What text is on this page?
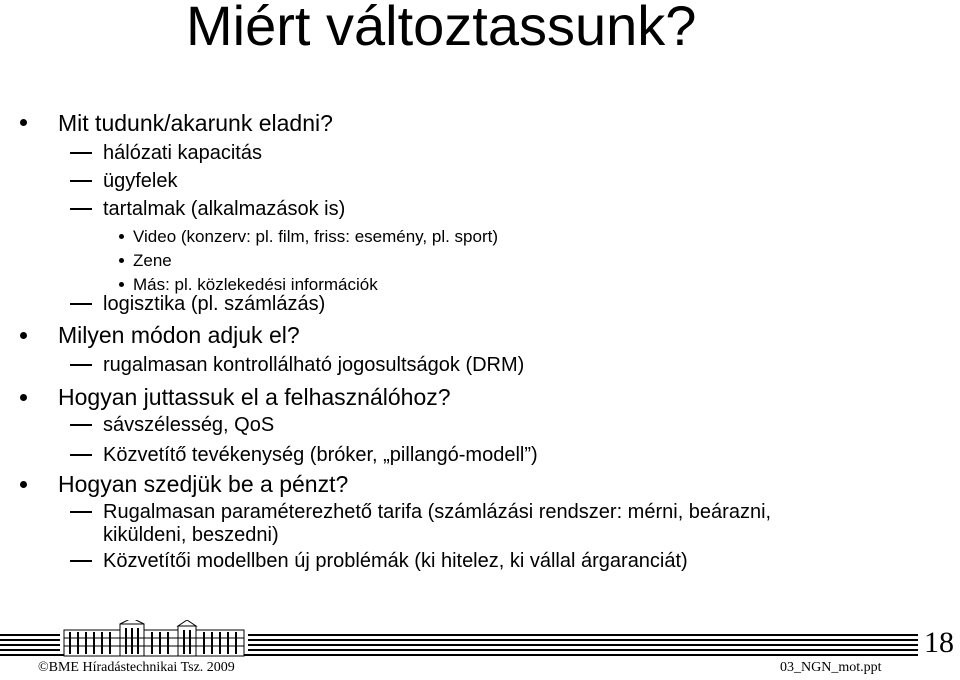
Miért változtassunk?
Mit tudunk/akarunk eladni?
hálózati kapacitás
ügyfelek
tartalmak (alkalmazások is)
Video (konzerv: pl. film, friss: esemény, pl. sport)
Zene
Más: pl. közlekedési információk
logisztika (pl. számlázás)
Milyen módon adjuk el?
rugalmasan kontrollálható jogosultságok (DRM)
Hogyan juttassuk el a felhasználóhoz?
sávszélesség, QoS
Közvetítő tevékenység (bróker, „pillangó-modell”)
Hogyan szedjük be a pénzt?
Rugalmasan paraméterezhető tarifa (számlázási rendszer: mérni, beárazni,
kiküldeni, beszedni)
Közvetítői modellben új problémák (ki hitelez, ki vállal árgaranciát)
©BME Híradástechnikai Tsz. 2009	03_NGN_mot.ppt
18
